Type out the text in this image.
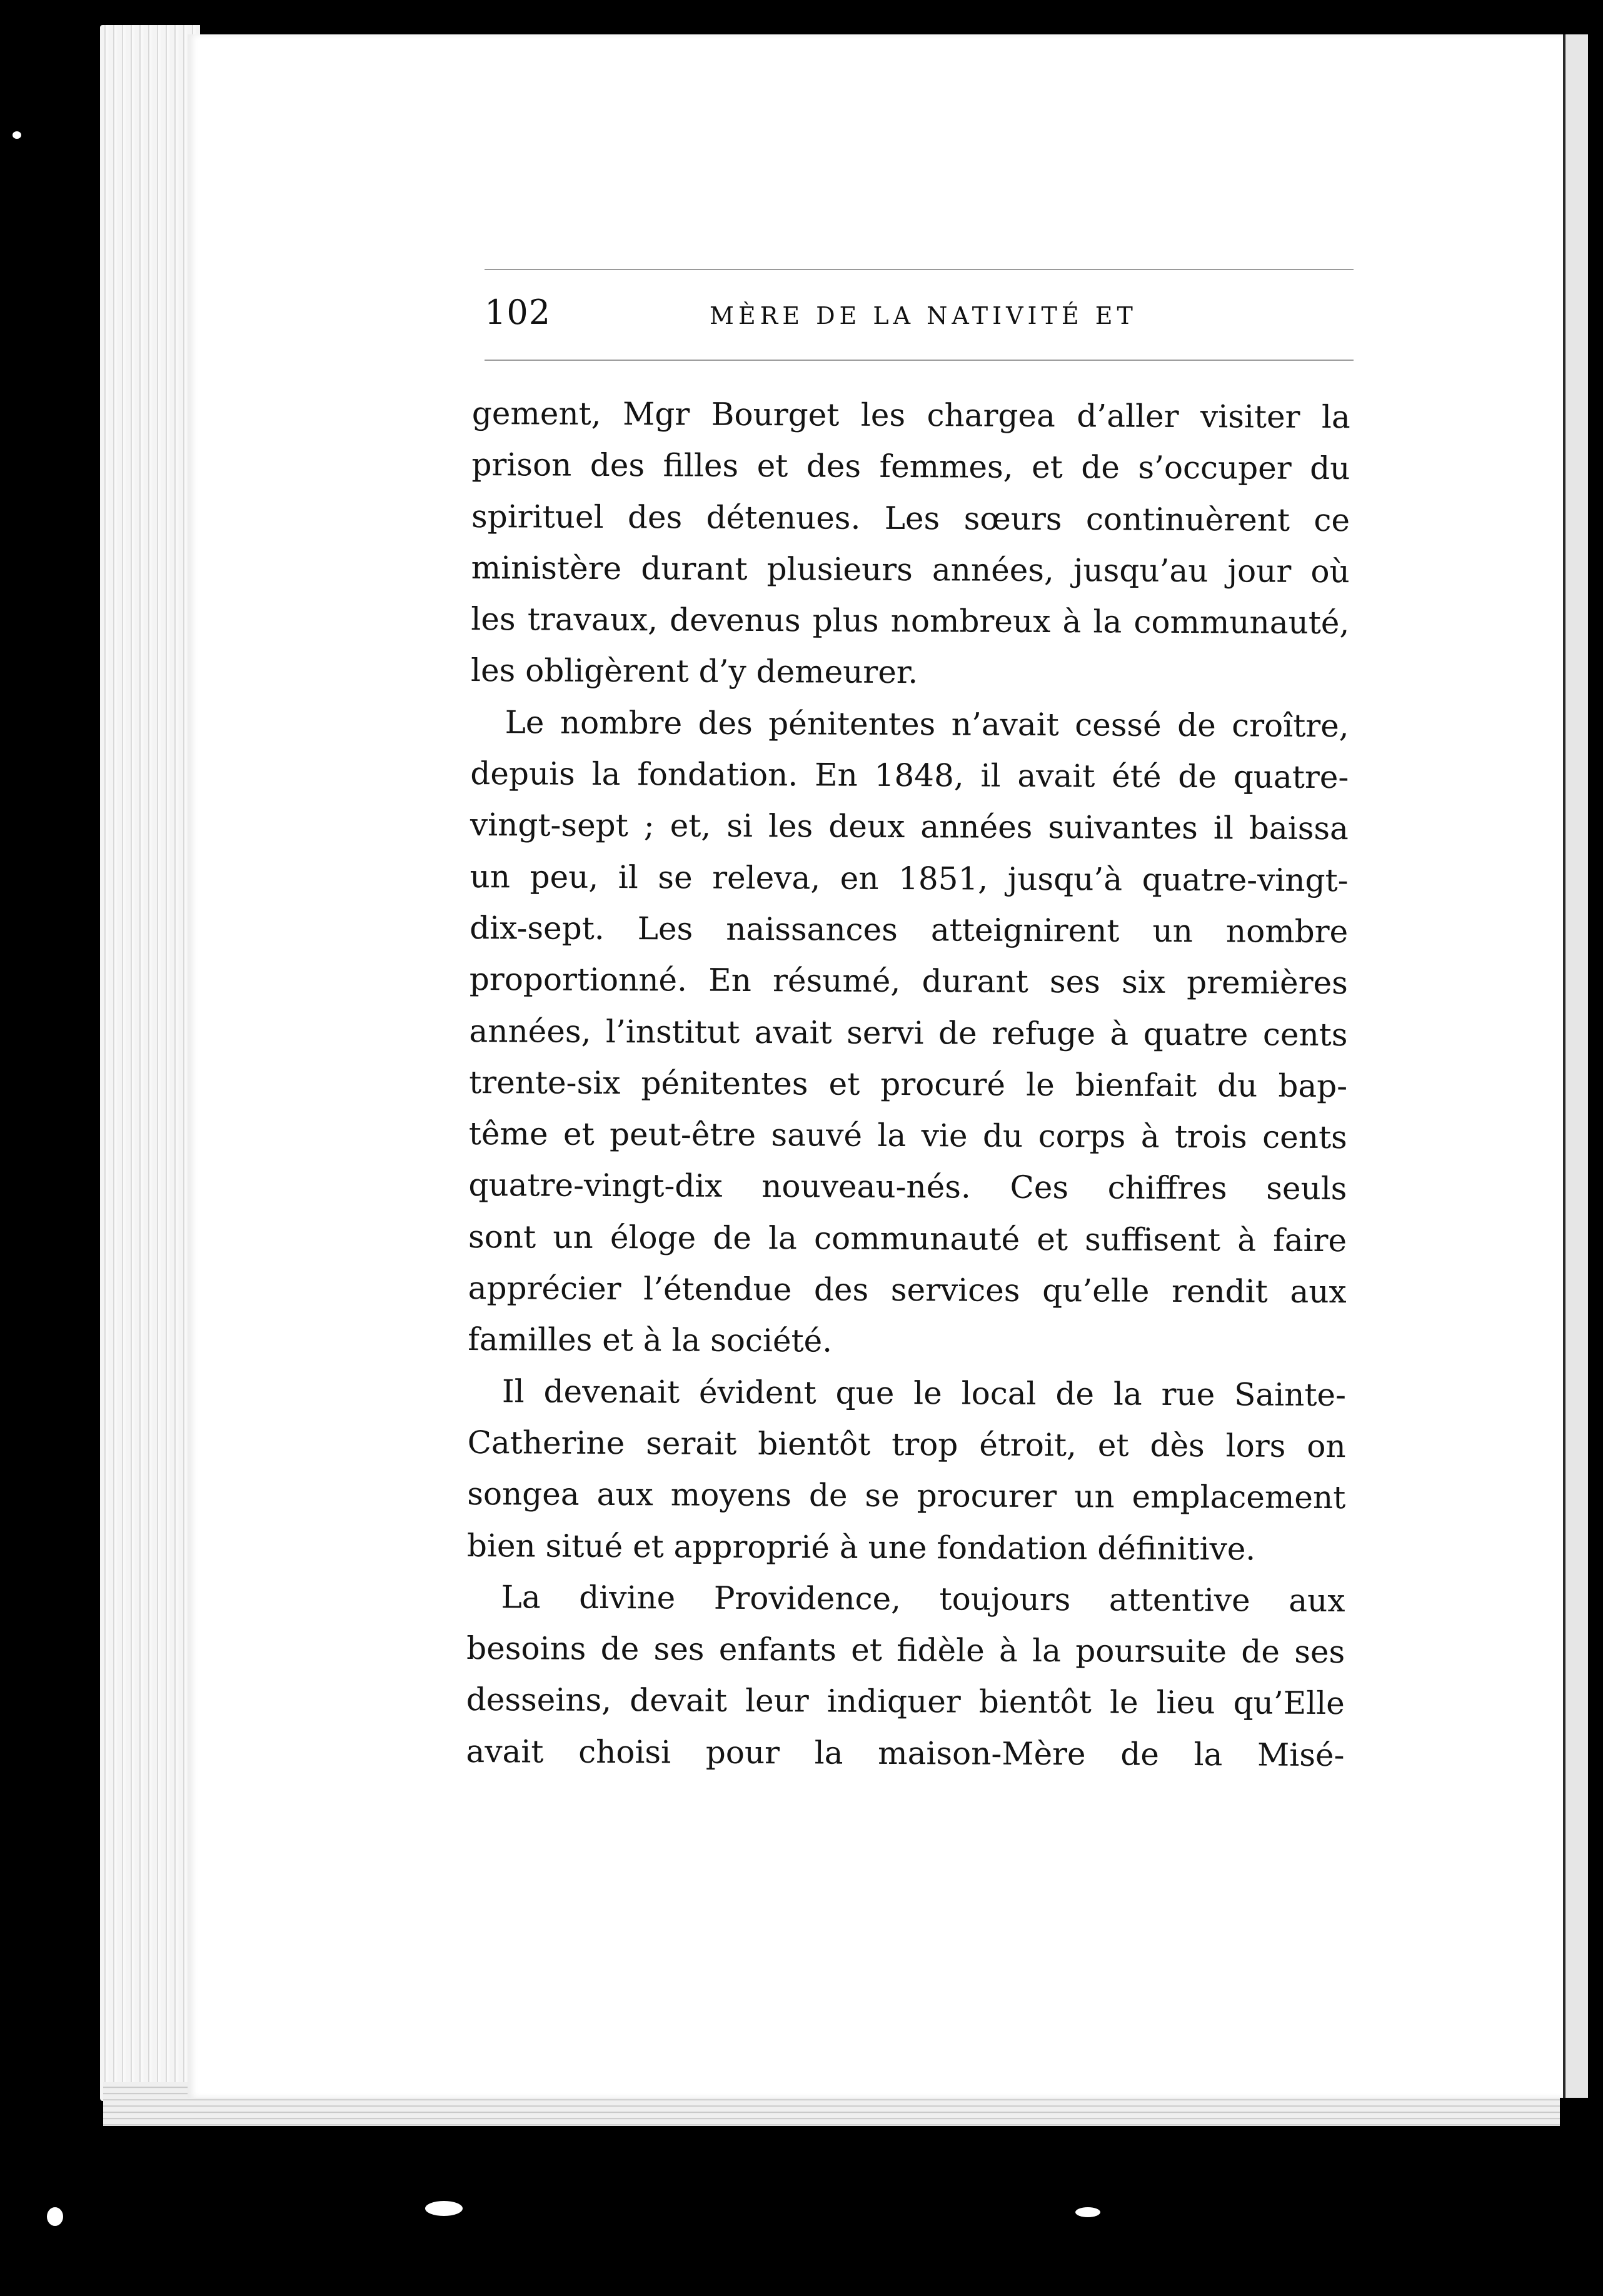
102	MÈRE DE LA NATIVITÉ ET
gement, Mgr Bourget les chargea d’aller visiter la
prison des filles et des femmes, et de s’occuper du
spirituel des détenues. Les sœurs continuèrent ce
ministère durant plusieurs années, jusqu’au jour où
les travaux, devenus plus nombreux à la communauté,
les obligèrent d’y demeurer.
Le nombre des pénitentes n’avait cessé de croître,
depuis la fondation. En 1848, il avait été de quatre-
vingt-sept ; et, si les deux années suivantes il baissa
un peu, il se releva, en 1851, jusqu’à quatre-vingt-
dix-sept. Les naissances atteignirent un nombre
proportionné. En résumé, durant ses six premières
années, l’institut avait servi de refuge à quatre cents
trente-six pénitentes et procuré le bienfait du bap-
tême et peut-être sauvé la vie du corps à trois cents
quatre-vingt-dix nouveau-nés. Ces chiffres seuls
sont un éloge de la communauté et suffisent à faire
apprécier l’étendue des services qu’elle rendit aux
familles et à la société.
Il devenait évident que le local de la rue Sainte-
Catherine serait bientôt trop étroit, et dès lors on
songea aux moyens de se procurer un emplacement
bien situé et approprié à une fondation définitive.
La divine Providence, toujours attentive aux
besoins de ses enfants et fidèle à la poursuite de ses
desseins, devait leur indiquer bientôt le lieu qu’Elle
avait choisi pour la maison-Mère de la Misé-
